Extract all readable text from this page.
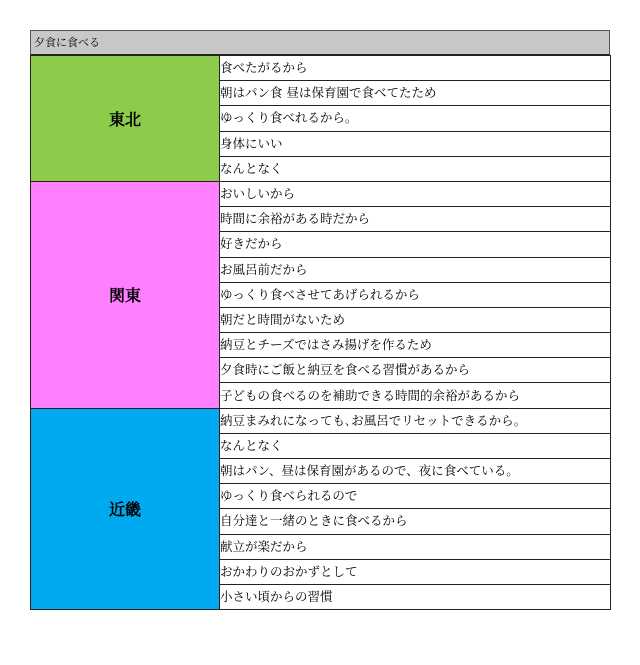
夕食に食べる
東北	食べたがるから
	朝はパン食 昼は保育園で食べてたため
	ゆっくり食べれるから。
	身体にいい
	なんとなく
関東	おいしいから
	時間に余裕がある時だから
	好きだから
	お風呂前だから
	ゆっくり食べさせてあげられるから
	朝だと時間がないため
	納豆とチーズではさみ揚げを作るため
	夕食時にご飯と納豆を食べる習慣があるから
	子どもの食べるのを補助できる時間的余裕があるから
近畿	納豆まみれになっても､お風呂でリセットできるから。
	なんとなく
	朝はパン、昼は保育園があるので、夜に食べている。
	ゆっくり食べられるので
	自分達と一緒のときに食べるから
	献立が楽だから
	おかわりのおかずとして
	小さい頃からの習慣
